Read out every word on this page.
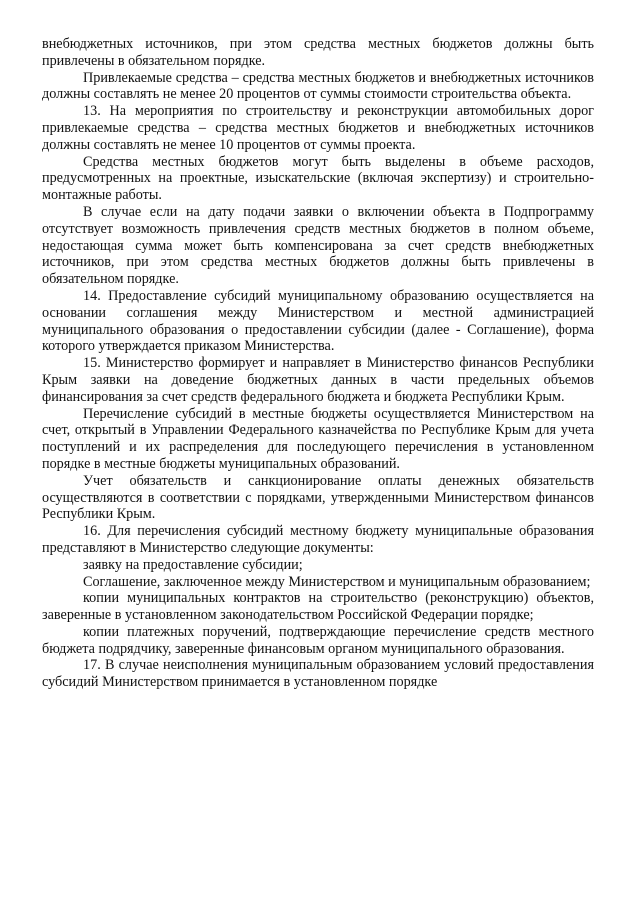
внебюджетных источников, при этом средства местных бюджетов должны быть привлечены в обязательном порядке.

Привлекаемые средства – средства местных бюджетов и внебюджетных источников должны составлять не менее 20 процентов от суммы стоимости строительства объекта.

13. На мероприятия по строительству и реконструкции автомобильных дорог привлекаемые средства – средства местных бюджетов и внебюджетных источников должны составлять не менее 10 процентов от суммы проекта.

Средства местных бюджетов могут быть выделены в объеме расходов, предусмотренных на проектные, изыскательские (включая экспертизу) и строительно-монтажные работы.

В случае если на дату подачи заявки о включении объекта в Подпрограмму отсутствует возможность привлечения средств местных бюджетов в полном объеме, недостающая сумма может быть компенсирована за счет средств внебюджетных источников, при этом средства местных бюджетов должны быть привлечены в обязательном порядке.

14. Предоставление субсидий муниципальному образованию осуществляется на основании соглашения между Министерством и местной администрацией муниципального образования о предоставлении субсидии (далее - Соглашение), форма которого утверждается приказом Министерства.

15. Министерство формирует и направляет в Министерство финансов Республики Крым заявки на доведение бюджетных данных в части предельных объемов финансирования за счет средств федерального бюджета и бюджета Республики Крым.

Перечисление субсидий в местные бюджеты осуществляется Министерством на счет, открытый в Управлении Федерального казначейства по Республике Крым для учета поступлений и их распределения для последующего перечисления в установленном порядке в местные бюджеты муниципальных образований.

Учет обязательств и санкционирование оплаты денежных обязательств осуществляются в соответствии с порядками, утвержденными Министерством финансов Республики Крым.

16. Для перечисления субсидий местному бюджету муниципальные образования представляют в Министерство следующие документы:

заявку на предоставление субсидии;

Соглашение, заключенное между Министерством и муниципальным образованием;

копии муниципальных контрактов на строительство (реконструкцию) объектов, заверенные в установленном законодательством Российской Федерации порядке;

копии платежных поручений, подтверждающие перечисление средств местного бюджета подрядчику, заверенные финансовым органом муниципального образования.

17. В случае неисполнения муниципальным образованием условий предоставления субсидий Министерством принимается в установленном порядке
